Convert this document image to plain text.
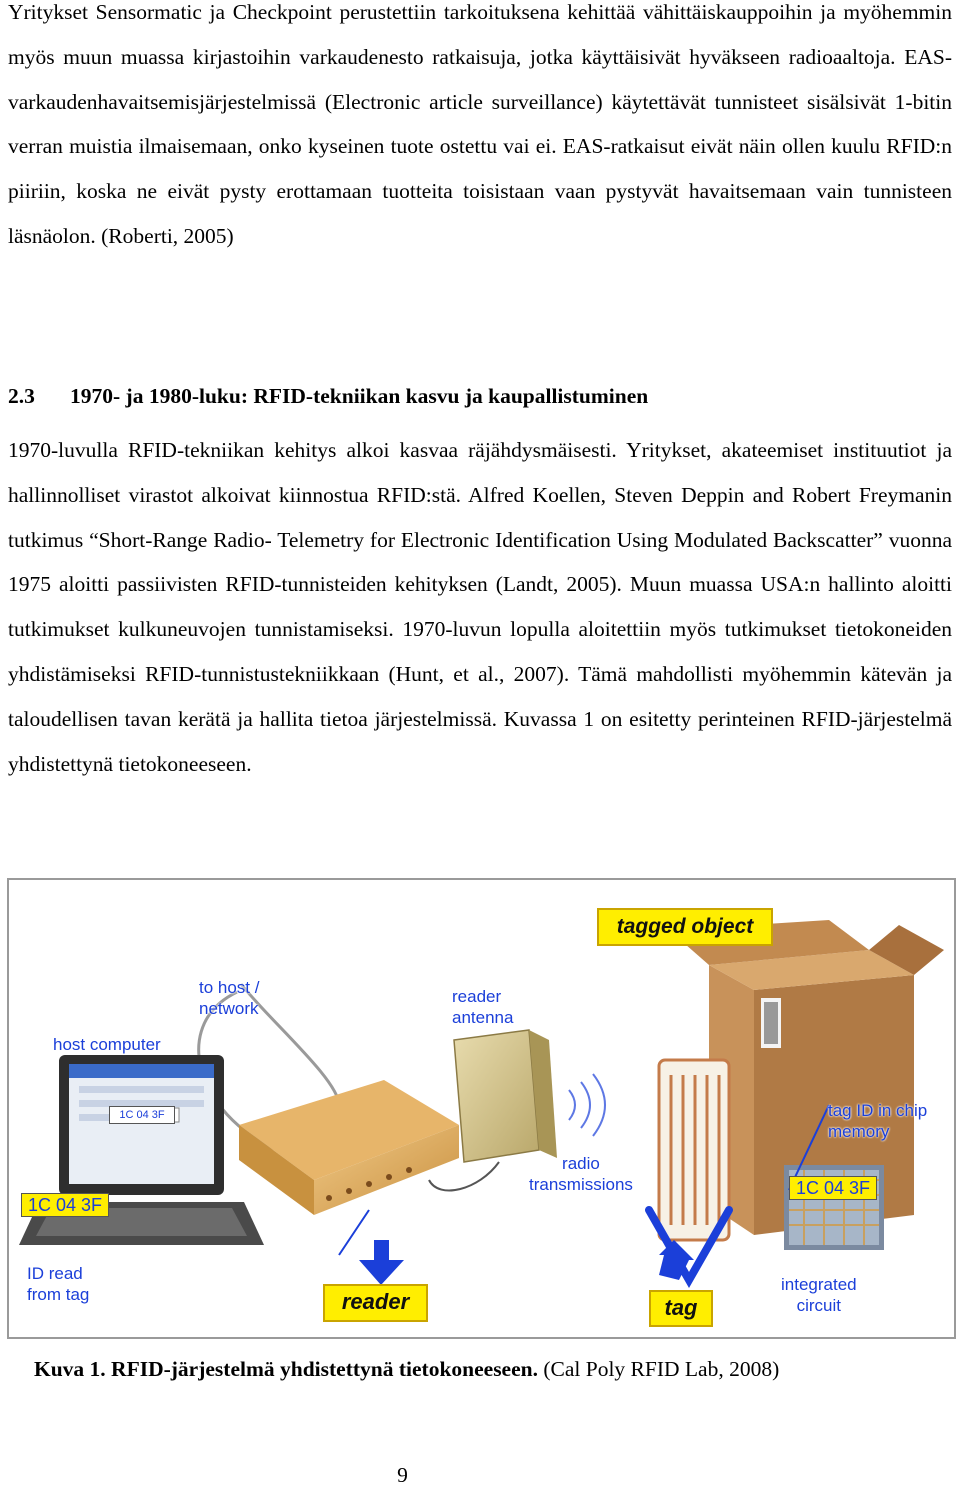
Yritykset Sensormatic ja Checkpoint perustettiin tarkoituksena kehittää vähittäiskauppoihin ja myöhemmin myös muun muassa kirjastoihin varkaudenesto ratkaisuja, jotka käyttäisivät hyväkseen radioaaltoja. EAS-varkaudenhavaitsemisjärjestelmissä (Electronic article surveillance) käytettävät tunnisteet sisälsivät 1-bitin verran muistia ilmaisemaan, onko kyseinen tuote ostettu vai ei. EAS-ratkaisut eivät näin ollen kuulu RFID:n piiriin, koska ne eivät pysty erottamaan tuotteita toisistaan vaan pystyvät havaitsemaan vain tunnisteen läsnäolon. (Roberti, 2005)

2.3 1970- ja 1980-luku: RFID-tekniikan kasvu ja kaupallistuminen

1970-luvulla RFID-tekniikan kehitys alkoi kasvaa räjähdysmäisesti. Yritykset, akateemiset instituutiot ja hallinnolliset virastot alkoivat kiinnostua RFID:stä. Alfred Koellen, Steven Deppin and Robert Freymanin tutkimus “Short-Range Radio- Telemetry for Electronic Identification Using Modulated Backscatter” vuonna 1975 aloitti passiivisten RFID-tunnisteiden kehityksen (Landt, 2005). Muun muassa USA:n hallinto aloitti tutkimukset kulkuneuvojen tunnistamiseksi. 1970-luvun lopulla aloitettiin myös tutkimukset tietokoneiden yhdistämiseksi RFID-tunnistustekniikkaan (Hunt, et al., 2007). Tämä mahdollisti myöhemmin kätevän ja taloudellisen tavan kerätä ja hallita tietoa järjestelmissä. Kuvassa 1 on esitetty perinteinen RFID-järjestelmä yhdistettynä tietokoneeseen.

tagged object
to host /
network
host computer
reader
antenna
tag ID in chip
memory
radio
transmissions
1C 04 3F
1C 04 3F
1C 04 3F
ID read
from tag	reader	tag
integrated
circuit

Kuva 1. RFID-järjestelmä yhdistettynä tietokoneeseen. (Cal Poly RFID Lab, 2008)

9
